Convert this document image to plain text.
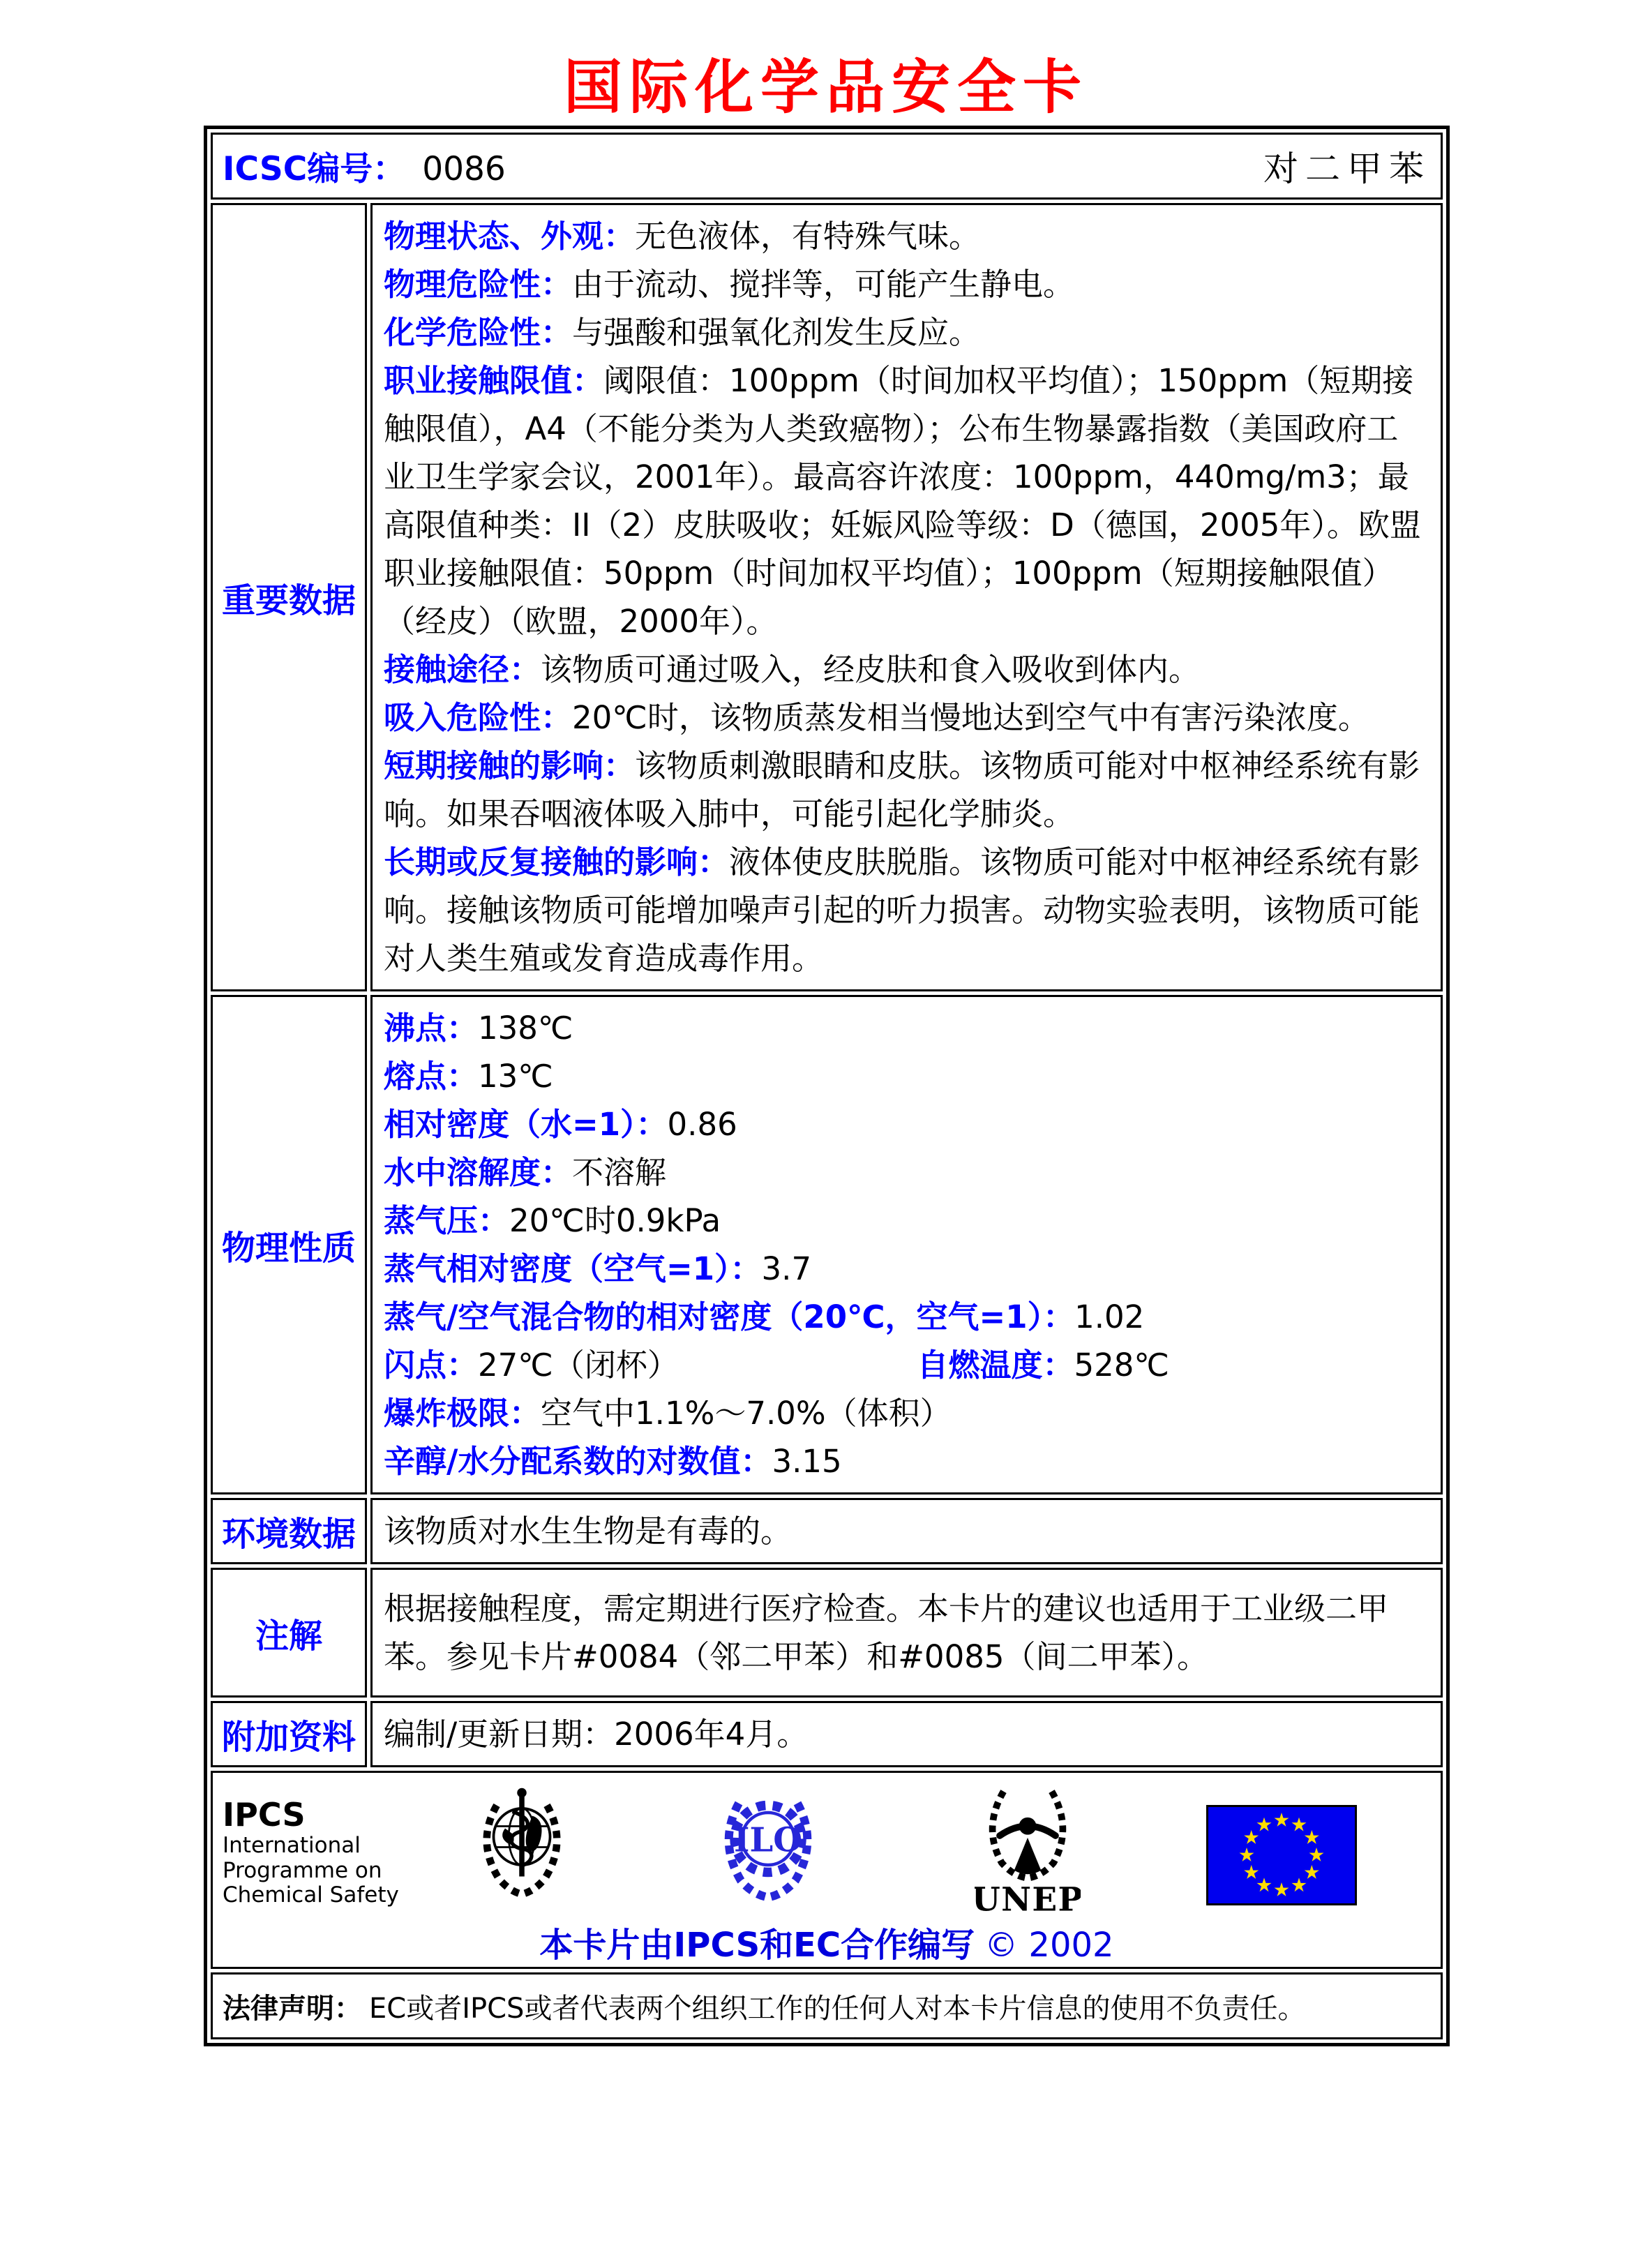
国际化学品安全卡
ICSC编号： 0086 对二甲苯	

重要数据	
物理状态、外观：无色液体，有特殊气味。
物理危险性：由于流动、搅拌等，可能产生静电。
化学危险性：与强酸和强氧化剂发生反应。
职业接触限值：阈限值：100ppm（时间加权平均值）；150ppm（短期接触限值），A4（不能分类为人类致癌物）；公布生物暴露指数（美国政府工业卫生学家会议，2001年）。最高容许浓度：100ppm，440mg/m3；最高限值种类：II（2）皮肤吸收；妊娠风险等级：D（德国，2005年）。欧盟职业接触限值：50ppm（时间加权平均值）；100ppm（短期接触限值）（经皮）（欧盟，2000年）。
接触途径：该物质可通过吸入，经皮肤和食入吸收到体内。
吸入危险性：20℃时，该物质蒸发相当慢地达到空气中有害污染浓度。
短期接触的影响：该物质刺激眼睛和皮肤。该物质可能对中枢神经系统有影响。如果吞咽液体吸入肺中，可能引起化学肺炎。
长期或反复接触的影响：液体使皮肤脱脂。该物质可能对中枢神经系统有影响。接触该物质可能增加噪声引起的听力损害。动物实验表明，该物质可能对人类生殖或发育造成毒作用。

物理性质	
沸点：138℃
熔点：13℃
相对密度（水=1）：0.86
水中溶解度：不溶解
蒸气压：20℃时0.9kPa
蒸气相对密度（空气=1）：3.7
蒸气/空气混合物的相对密度（20℃，空气=1）：1.02
闪点：27℃（闭杯）	自燃温度：528℃
爆炸极限：空气中1.1%～7.0%（体积）
辛醇/水分配系数的对数值：3.15

环境数据	该物质对水生生物是有毒的。
注解	根据接触程度，需定期进行医疗检查。本卡片的建议也适用于工业级二甲苯。参见卡片#0084（邻二甲苯）和#0085（间二甲苯）。
附加资料	编制/更新日期：2006年4月。

IPCS
International
Programme on
Chemical Safety
ILO
UNEP
本卡片由IPCS和EC合作编写 © 2002

法律声明： EC或者IPCS或者代表两个组织工作的任何人对本卡片信息的使用不负责任。	
